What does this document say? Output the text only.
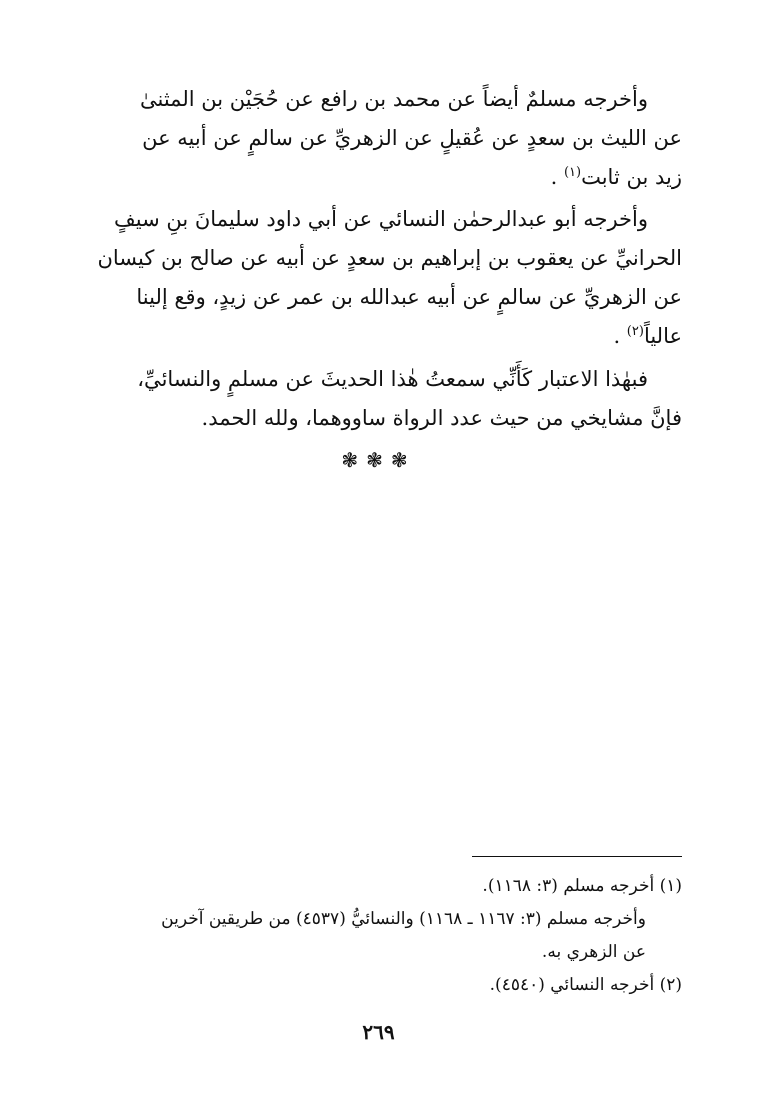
وأخرجه مسلمٌ أيضاً عن محمد بن رافع عن حُجَيْن بن المثنىٰ
عن الليث بن سعدٍ عن عُقيلٍ عن الزهريِّ عن سالمٍ عن أبيه عن
زيد بن ثابت$^{(١)}$ .
وأخرجه أبو عبدالرحمٰن النسائي عن أبي داود سليمانَ بنِ سيفٍ
الحرانيِّ عن يعقوب بن إبراهيم بن سعدٍ عن أبيه عن صالح بن كيسان
عن الزهريِّ عن سالمٍ عن أبيه عبدالله بن عمر عن زيدٍ، وقع إلينا
عالياً$^{(٢)}$ .
فبهٰذا الاعتبار كَأَنِّي سمعتُ هٰذا الحديثَ عن مسلمٍ والنسائيِّ،
فإنَّ مشايخي من حيث عدد الرواة ساووهما، ولله الحمد.
❃❃❃
(١) أخرجه مسلم (٣: ١١٦٨).
وأخرجه مسلم (٣: ١١٦٧ ـ ١١٦٨) والنسائيُّ (٤٥٣٧) من طريقين آخرين
عن الزهري به.
(٢) أخرجه النسائي (٤٥٤٠).
٢٦٩
